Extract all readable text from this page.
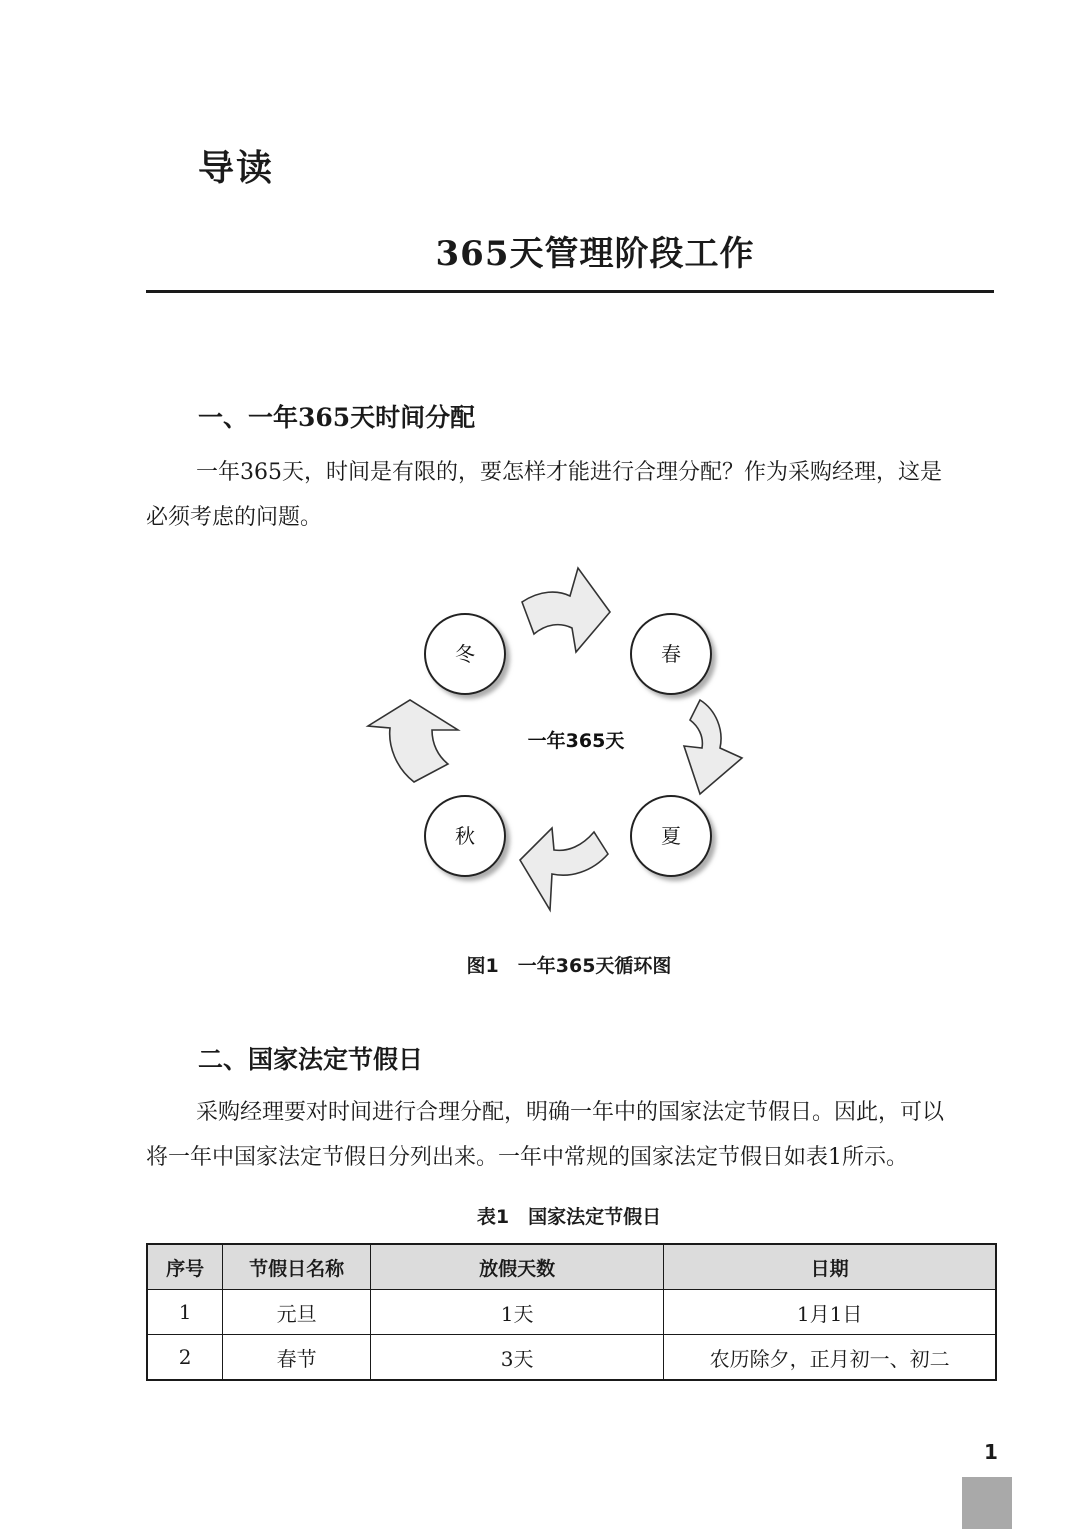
导读
365天管理阶段工作
一、一年365天时间分配

一年365天，时间是有限的，要怎样才能进行合理分配？作为采购经理，这是

必须考虑的问题。

冬	春
秋	夏
一年365天
图1　一年365天循环图
二、国家法定节假日

采购经理要对时间进行合理分配，明确一年中的国家法定节假日。因此，可以

将一年中国家法定节假日分列出来。一年中常规的国家法定节假日如表1所示。

表1　国家法定节假日
序号	节假日名称	放假天数	日期
1	元旦	1天	1月1日
2	春节	3天	农历除夕，正月初一、初二
1
